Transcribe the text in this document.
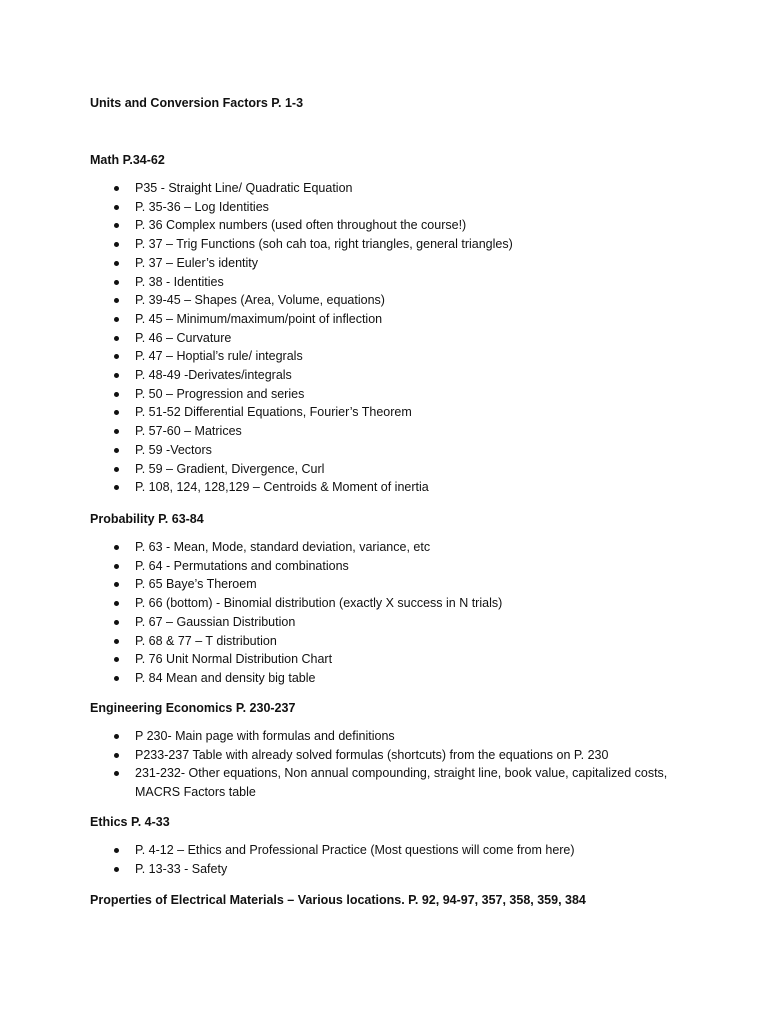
Units and Conversion Factors P. 1-3
Math P.34-62
P35 - Straight Line/ Quadratic Equation
P. 35-36 – Log Identities
P. 36 Complex numbers (used often throughout the course!)
P. 37 – Trig Functions (soh cah toa, right triangles, general triangles)
P. 37 – Euler’s identity
P. 38 - Identities
P. 39-45 – Shapes (Area, Volume, equations)
P. 45 – Minimum/maximum/point of inflection
P. 46 – Curvature
P. 47 – Hoptial’s rule/ integrals
P. 48-49 -Derivates/integrals
P. 50 – Progression and series
P. 51-52 Differential Equations, Fourier’s Theorem
P. 57-60 – Matrices
P. 59 -Vectors
P. 59 – Gradient, Divergence, Curl
P. 108, 124, 128,129 – Centroids & Moment of inertia
Probability P. 63-84
P. 63 - Mean, Mode, standard deviation, variance, etc
P. 64 - Permutations and combinations
P. 65 Baye’s Theroem
P. 66 (bottom) - Binomial distribution (exactly X success in N trials)
P. 67 – Gaussian Distribution
P. 68 & 77 – T distribution
P. 76 Unit Normal Distribution Chart
P. 84 Mean and density big table
Engineering Economics P. 230-237
P 230- Main page with formulas and definitions
P233-237 Table with already solved formulas (shortcuts) from the equations on P. 230
231-232- Other equations, Non annual compounding, straight line, book value, capitalized costs, MACRS Factors table
Ethics P. 4-33
P. 4-12 – Ethics and Professional Practice (Most questions will come from here)
P. 13-33 - Safety
Properties of Electrical Materials – Various locations. P. 92, 94-97, 357, 358, 359, 384
